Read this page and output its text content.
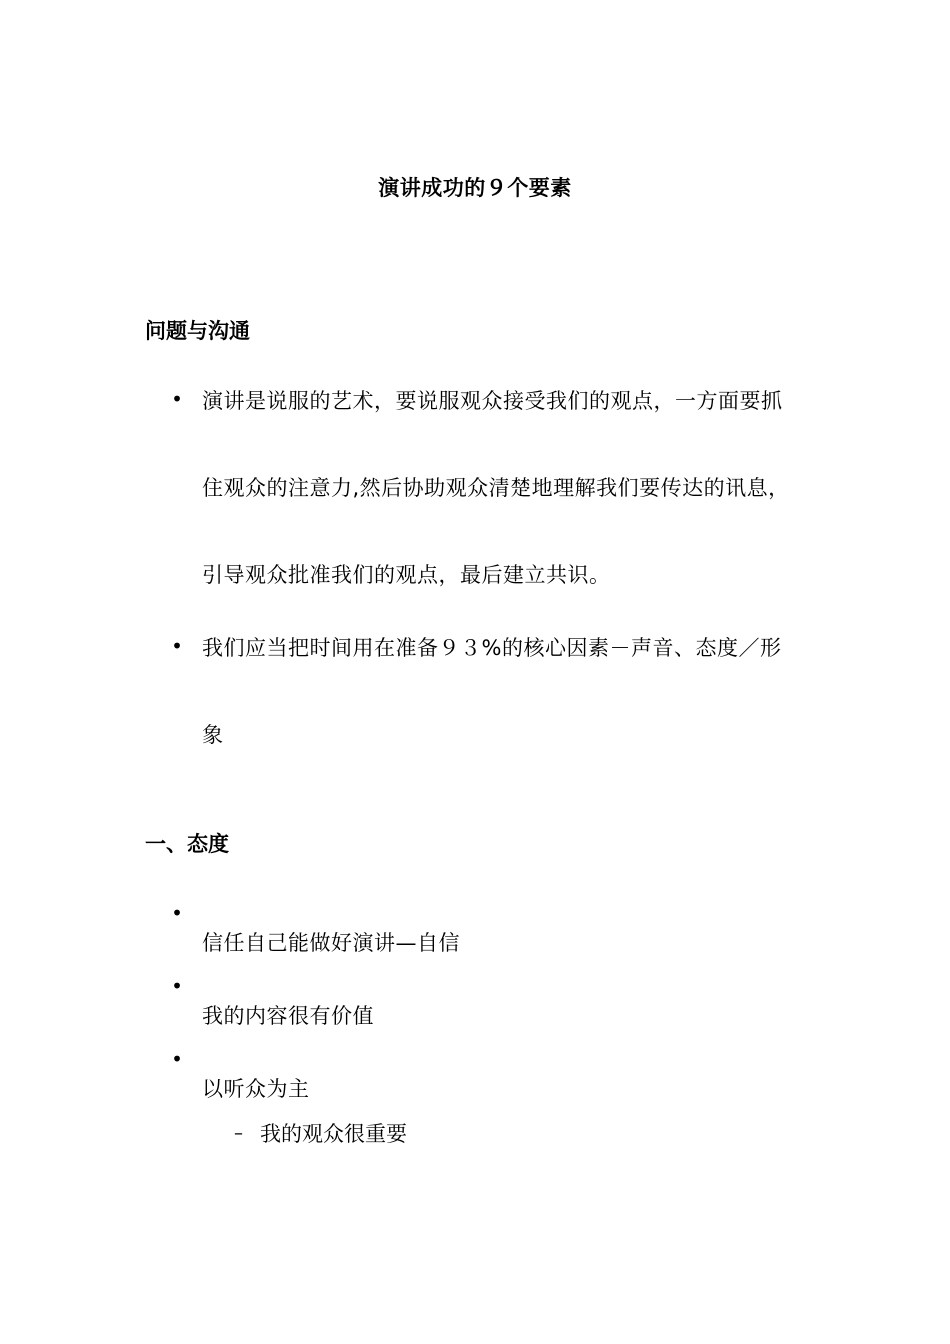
演讲成功的９个要素
问题与沟通
• 演讲是说服的艺术，要说服观众接受我们的观点，一方面要抓
住观众的注意力,然后协助观众清楚地理解我们要传达的讯息，
引导观众批准我们的观点，最后建立共识。
• 我们应当把时间用在准备９３%的核心因素－声音、态度／形
象
一、态度
•
信任自己能做好演讲—自信
•
我的内容很有价值
•
以听众为主
– 我的观众很重要
